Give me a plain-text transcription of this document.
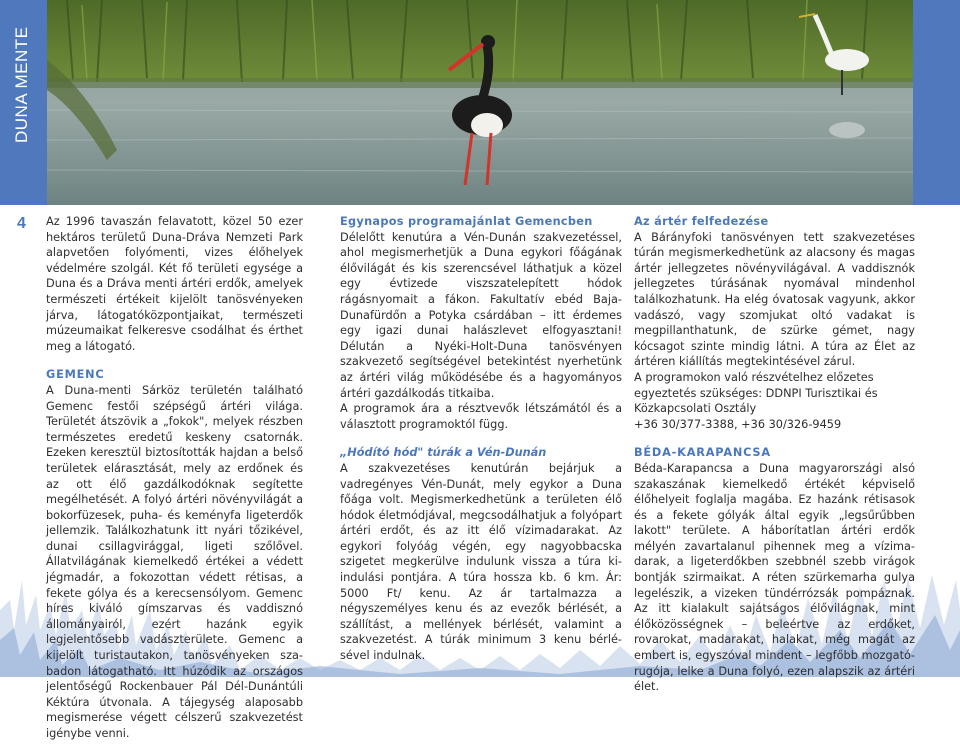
DUNA MENTE
4 Az 1996 tavaszán felavatott, közel 50 ezer hektáros területű Duna-Dráva Nemzeti Park alapvetően folyómenti, vizes élőhelyek védelmére szolgál. Két fő területi egysége a Duna és a Dráva menti ártéri erdők, amelyek természeti értékeit kijelölt tanösvényeken járva, látogatóközpontjaikat, természeti múzeumaikat felkeresve csodálhat és érthet meg a látogató.

GEMENC

A Duna-menti Sárköz területén található Gemenc festői szépségű ártéri világa. Területét átszövik a „fokok", melyek részben természetes eredetű keskeny csatornák. Ezeken keresztül biztosították hajdan a belső területek elárasztását, mely az erdőnek és az ott élő gazdálkodóknak segítette megélhetését. A folyó ártéri növényvilágát a bokorfüzesek, puha- és keményfa ligeterdők jellemzik. Találkozhatunk itt nyári tőzikével, dunai csillagvirággal, ligeti szőlővel. Állatvilágának kiemelkedő értékei a védett jégmadár, a fokozottan védett rétisas, a fekete gólya és a kerecsensólyom. Gemenc híres kiváló gímszarvas és vaddisznó állományairól, ezért hazánk egyik legjelentősebb vadászterülete. Gemenc a kijelölt turistautakon, tanösvényeken szabadon látogatható. Itt húzódik az országos jelentőségű Rockenbauer Pál Dél-Dunántúli Kéktúra útvonala. A tájegység alaposabb megismerése végett célszerű szakvezetést igénybe venni.

Egynapos programajánlat Gemencben

Délelőtt kenutúra a Vén-Dunán szakvezetéssel, ahol megismerhetjük a Duna egykori főágának élővilágát és kis szerencsével láthatjuk a közel egy évtizede viszszatelepített hódok rágásnyomait a fákon. Fakultatív ebéd Baja-Dunafürdőn a Potyka csárdában – itt érdemes egy igazi dunai halászlevet elfogyasztani! Délután a Nyéki-Holt-Duna tanösvényen szakvezető segítségével betekintést nyerhetünk az ártéri világ működésébe és a hagyományos ártéri gazdálkodás titkaiba.

A programok ára a résztvevők létszámától és a választott programoktól függ.

„Hódító hód" túrák a Vén-Dunán

A szakvezetéses kenutúrán bejárjuk a vadregényes Vén-Dunát, mely egykor a Duna főága volt. Megismerkedhetünk a területen élő hódok életmódjával, megcsodálhatjuk a folyópart ártéri erdőt, és az itt élő vízimadarakat. Az egykori folyóág végén, egy nagyobbacska szigetet megkerülve indulunk vissza a túra kiindulási pontjára. A túra hossza kb. 6 km. Ár: 5000 Ft/ kenu. Az ár tartalmazza a négyszemélyes kenu és az evezők bérlését, a szállítást, a mellények bérlését, valamint a szakvezetést. A túrák minimum 3 kenu bérlésével indulnak.

Az ártér felfedezése

A Bárányfoki tanösvényen tett szakvezetéses túrán megismerkedhetünk az alacsony és magas ártér jellegzetes növényvilágával. A vaddisznók jellegzetes túrásának nyomával mindenhol találkozhatunk. Ha elég óvatosak vagyunk, akkor vadászó, vagy szomjukat oltó vadakat is megpillanthatunk, de szürke gémet, nagy kócsagot szinte mindig látni. A túra az Élet az ártéren kiállítás megtekintésével zárul.

A programokon való részvételhez előzetes egyeztetés szükséges: DDNPI Turisztikai és Közkapcsolati Osztály

+36 30/377-3388, +36 30/326-9459

BÉDA-KARAPANCSA

Béda-Karapancsa a Duna magyarországi alsó szakaszának kiemelkedő értékét képviselő élőhelyeit foglalja magába. Ez hazánk rétisasok és a fekete gólyák által egyik „legsűrűbben lakott" területe. A háborítatlan ártéri erdők mélyén zavartalanul pihennek meg a vízimadarak, a ligeterdőkben szebbnél szebb virágok bontják szirmaikat. A réten szürkemarha gulya legelészik, a vizeken tündérrózsák pompáznak. Az itt kialakult sajátságos élővilágnak, mint élőközösségnek – beleértve az erdőket, rovarokat, madarakat, halakat, még magát az embert is, egyszóval mindent – legfőbb mozgatórugója, lelke a Duna folyó, ezen alapszik az ártéri élet.
